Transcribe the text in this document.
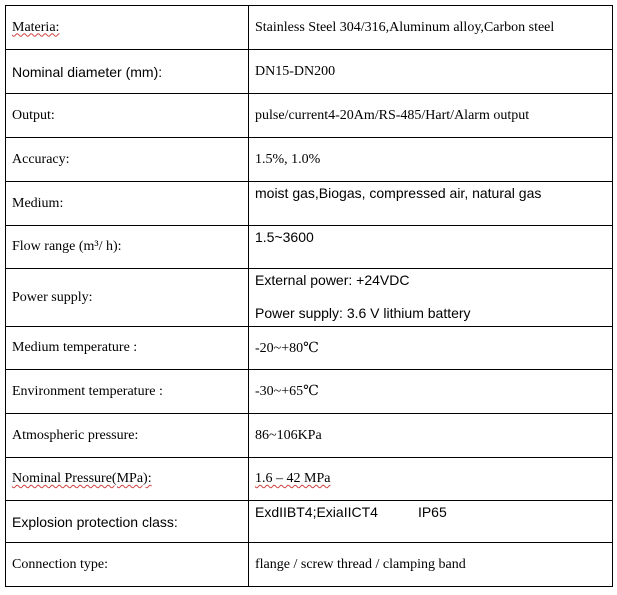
Materia:	Stainless Steel 304/316,Aluminum alloy,Carbon steel
Nominal diameter (mm):	DN15-DN200
Output:	pulse/current4-20Am/RS-485/Hart/Alarm output
Accuracy:	1.5%, 1.0%
Medium:	moist gas,Biogas, compressed air, natural gas
Flow range (m³/ h):	1.5~3600
Power supply:	External power: +24VDC
Power supply: 3.6 V lithium battery

Medium temperature :	-20~+80℃
Environment temperature :	-30~+65℃
Atmospheric pressure:	86~106KPa
Nominal Pressure(MPa):	1.6 – 42 MPa
Explosion protection class:	ExdIIBT4;ExiaIICT4 IP65
Connection type:	flange / screw thread / clamping band
